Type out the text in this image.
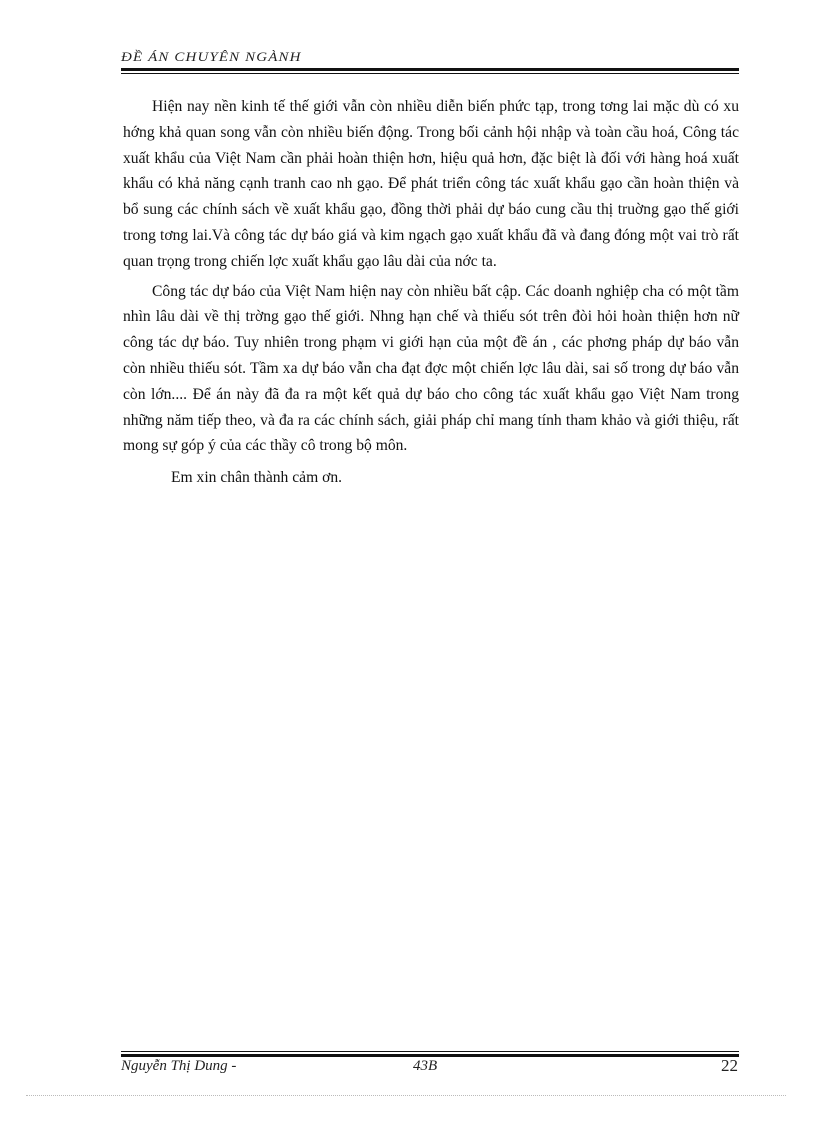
ĐỀ ÁN CHUYÊN NGÀNH

Hiện nay nền kinh tế thế giới vẫn còn nhiều diễn biến phức tạp, trong tơng lai mặc dù có xu hớng khả quan song vẫn còn nhiều biến động. Trong bối cảnh hội nhập và toàn cầu hoá, Công tác xuất khẩu của Việt Nam cần phải hoàn thiện hơn, hiệu quả hơn, đặc biệt là đối với hàng hoá xuất khẩu có khả năng cạnh tranh cao nh gạo. Để phát triển công tác xuất khẩu gạo cần hoàn thiện và bổ sung các chính sách về xuất khẩu gạo, đồng thời phải dự báo cung cầu thị truờng gạo thế giới trong tơng lai.Và công tác dự báo giá và kim ngạch gạo xuất khẩu đã và đang đóng một vai trò rất quan trọng trong chiến lợc xuất khẩu gạo lâu dài của nớc ta.

Công tác dự báo của Việt Nam hiện nay còn nhiều bất cập. Các doanh nghiệp cha có một tầm nhìn lâu dài về thị trờng gạo thế giới. Nhng hạn chế và thiếu sót trên đòi hỏi hoàn thiện hơn nữ công tác dự báo. Tuy nhiên trong phạm vi giới hạn của một đề án , các phơng pháp dự báo vẫn còn nhiều thiếu sót. Tầm xa dự báo vẫn cha đạt đợc một chiến lợc lâu dài, sai số trong dự báo vẫn còn lớn.... Để án này đã đa ra một kết quả dự báo cho công tác xuất khẩu gạo Việt Nam trong những năm tiếp theo, và đa ra các chính sách, giải pháp chỉ mang tính tham khảo và giới thiệu, rất mong sự góp ý của các thầy cô trong bộ môn.

Em xin chân thành cảm ơn.

Nguyễn Thị Dung -	43B	22
